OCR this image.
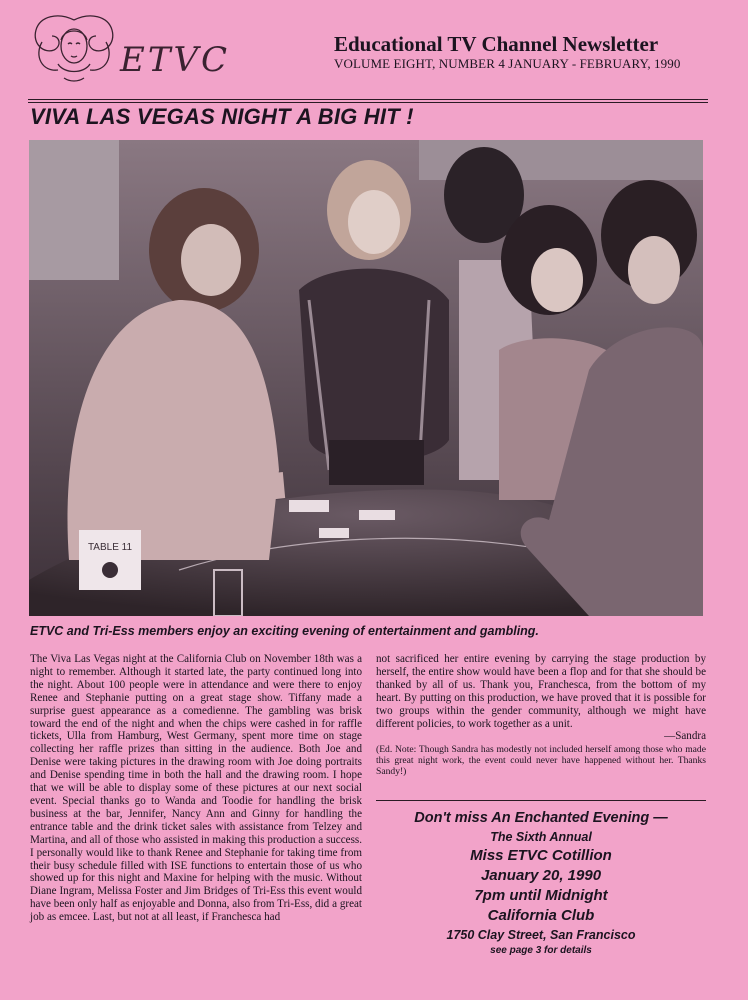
ETVC	Educational TV Channel Newsletter
VOLUME EIGHT, NUMBER 4 JANUARY - FEBRUARY, 1990
VIVA LAS VEGAS NIGHT A BIG HIT !
TABLE 11
ETVC and Tri-Ess members enjoy an exciting evening of entertainment and gambling.
The Viva Las Vegas night at the California Club on November 18th was a night to remember. Although it started late, the party continued long into the night. About 100 people were in attendance and were there to enjoy Renee and Stephanie putting on a great stage show. Tiffany made a surprise guest appearance as a comedienne. The gambling was brisk toward the end of the night and when the chips were cashed in for raffle tickets, Ulla from Hamburg, West Germany, spent more time on stage collecting her raffle prizes than sitting in the audience. Both Joe and Denise were taking pictures in the drawing room with Joe doing portraits and Denise spending time in both the hall and the drawing room. I hope that we will be able to display some of these pictures at our next social event. Special thanks go to Wanda and Toodie for handling the brisk business at the bar, Jennifer, Nancy Ann and Ginny for handling the entrance table and the drink ticket sales with assistance from Telzey and Martina, and all of those who assisted in making this production a success. I personally would like to thank Renee and Stephanie for taking time from their busy schedule filled with ISE functions to entertain those of us who showed up for this night and Maxine for helping with the music. Without Diane Ingram, Melissa Foster and Jim Bridges of Tri-Ess this event would have been only half as enjoyable and Donna, also from Tri-Ess, did a great job as emcee. Last, but not at all least, if Franchesca had
not sacrificed her entire evening by carrying the stage production by herself, the entire show would have been a flop and for that she should be thanked by all of us. Thank you, Franchesca, from the bottom of my heart. By putting on this production, we have proved that it is possible for two groups within the gender community, although we might have different policies, to work together as a unit.
—Sandra
(Ed. Note: Though Sandra has modestly not included herself among those who made this great night work, the event could never have happened without her. Thanks Sandy!)
Don't miss An Enchanted Evening —
The Sixth Annual
Miss ETVC Cotillion
January 20, 1990
7pm until Midnight
California Club
1750 Clay Street, San Francisco
see page 3 for details
